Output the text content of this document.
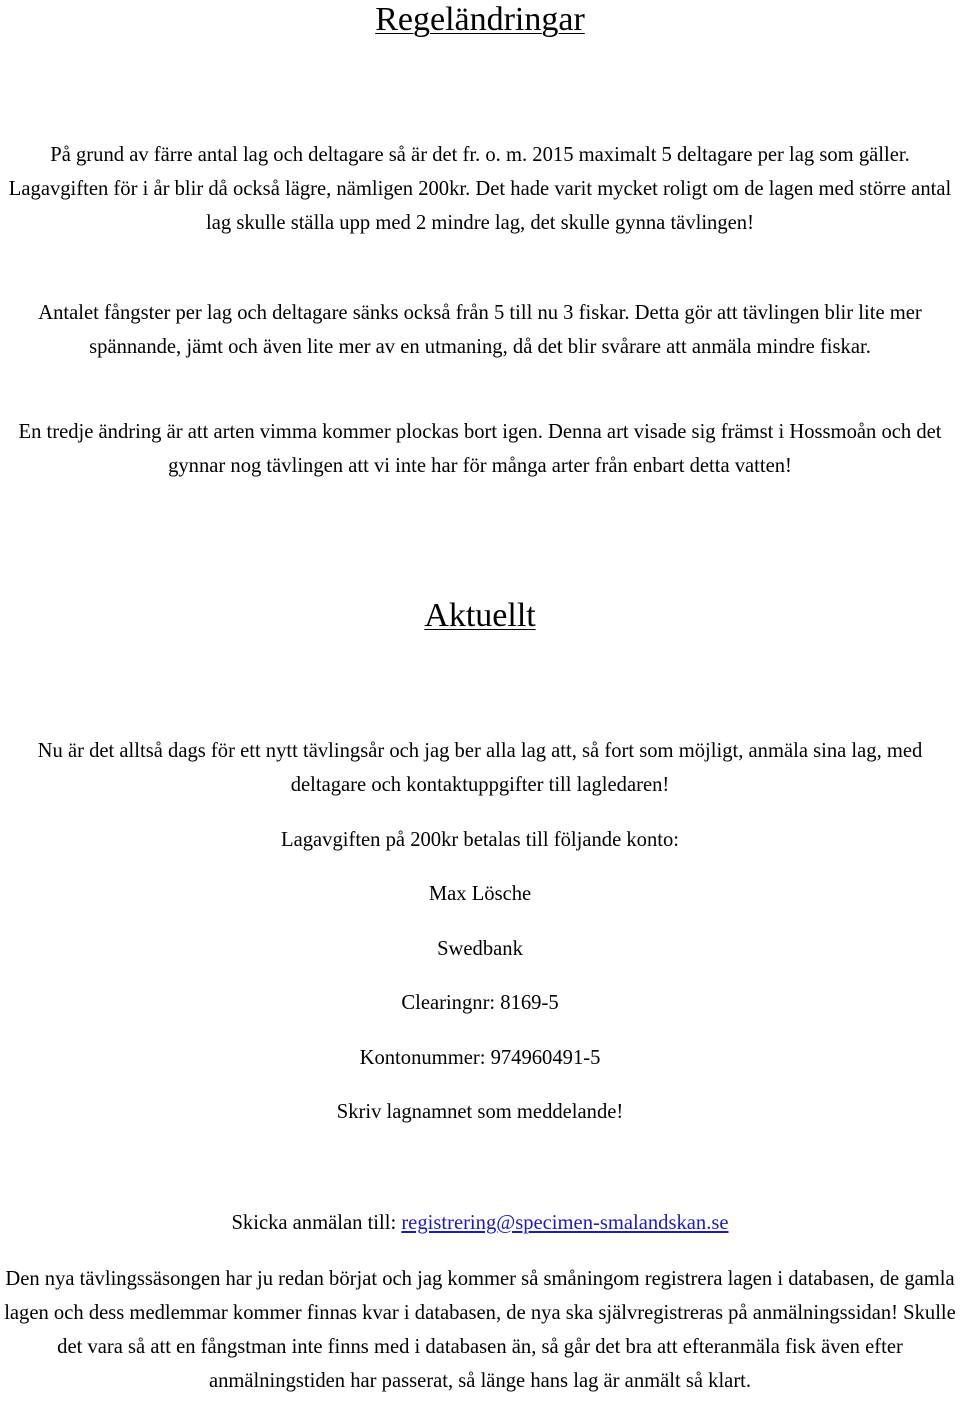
Regeländringar

På grund av färre antal lag och deltagare så är det fr. o. m. 2015 maximalt 5 deltagare per lag som gäller. Lagavgiften för i år blir då också lägre, nämligen 200kr. Det hade varit mycket roligt om de lagen med större antal lag skulle ställa upp med 2 mindre lag, det skulle gynna tävlingen!

Antalet fångster per lag och deltagare sänks också från 5 till nu 3 fiskar. Detta gör att tävlingen blir lite mer spännande, jämt och även lite mer av en utmaning, då det blir svårare att anmäla mindre fiskar.

En tredje ändring är att arten vimma kommer plockas bort igen. Denna art visade sig främst i Hossmoån och det gynnar nog tävlingen att vi inte har för många arter från enbart detta vatten!

Aktuellt

Nu är det alltså dags för ett nytt tävlingsår och jag ber alla lag att, så fort som möjligt, anmäla sina lag, med deltagare och kontaktuppgifter till lagledaren!

Lagavgiften på 200kr betalas till följande konto:

Max Lösche

Swedbank

Clearingnr: 8169-5

Kontonummer: 974960491-5

Skriv lagnamnet som meddelande!

Skicka anmälan till: registrering@specimen-smalandskan.se

Den nya tävlingssäsongen har ju redan börjat och jag kommer så småningom registrera lagen i databasen, de gamla lagen och dess medlemmar kommer finnas kvar i databasen, de nya ska självregistreras på anmälningssidan! Skulle det vara så att en fångstman inte finns med i databasen än, så går det bra att efteranmäla fisk även efter anmälningstiden har passerat, så länge hans lag är anmält så klart.
